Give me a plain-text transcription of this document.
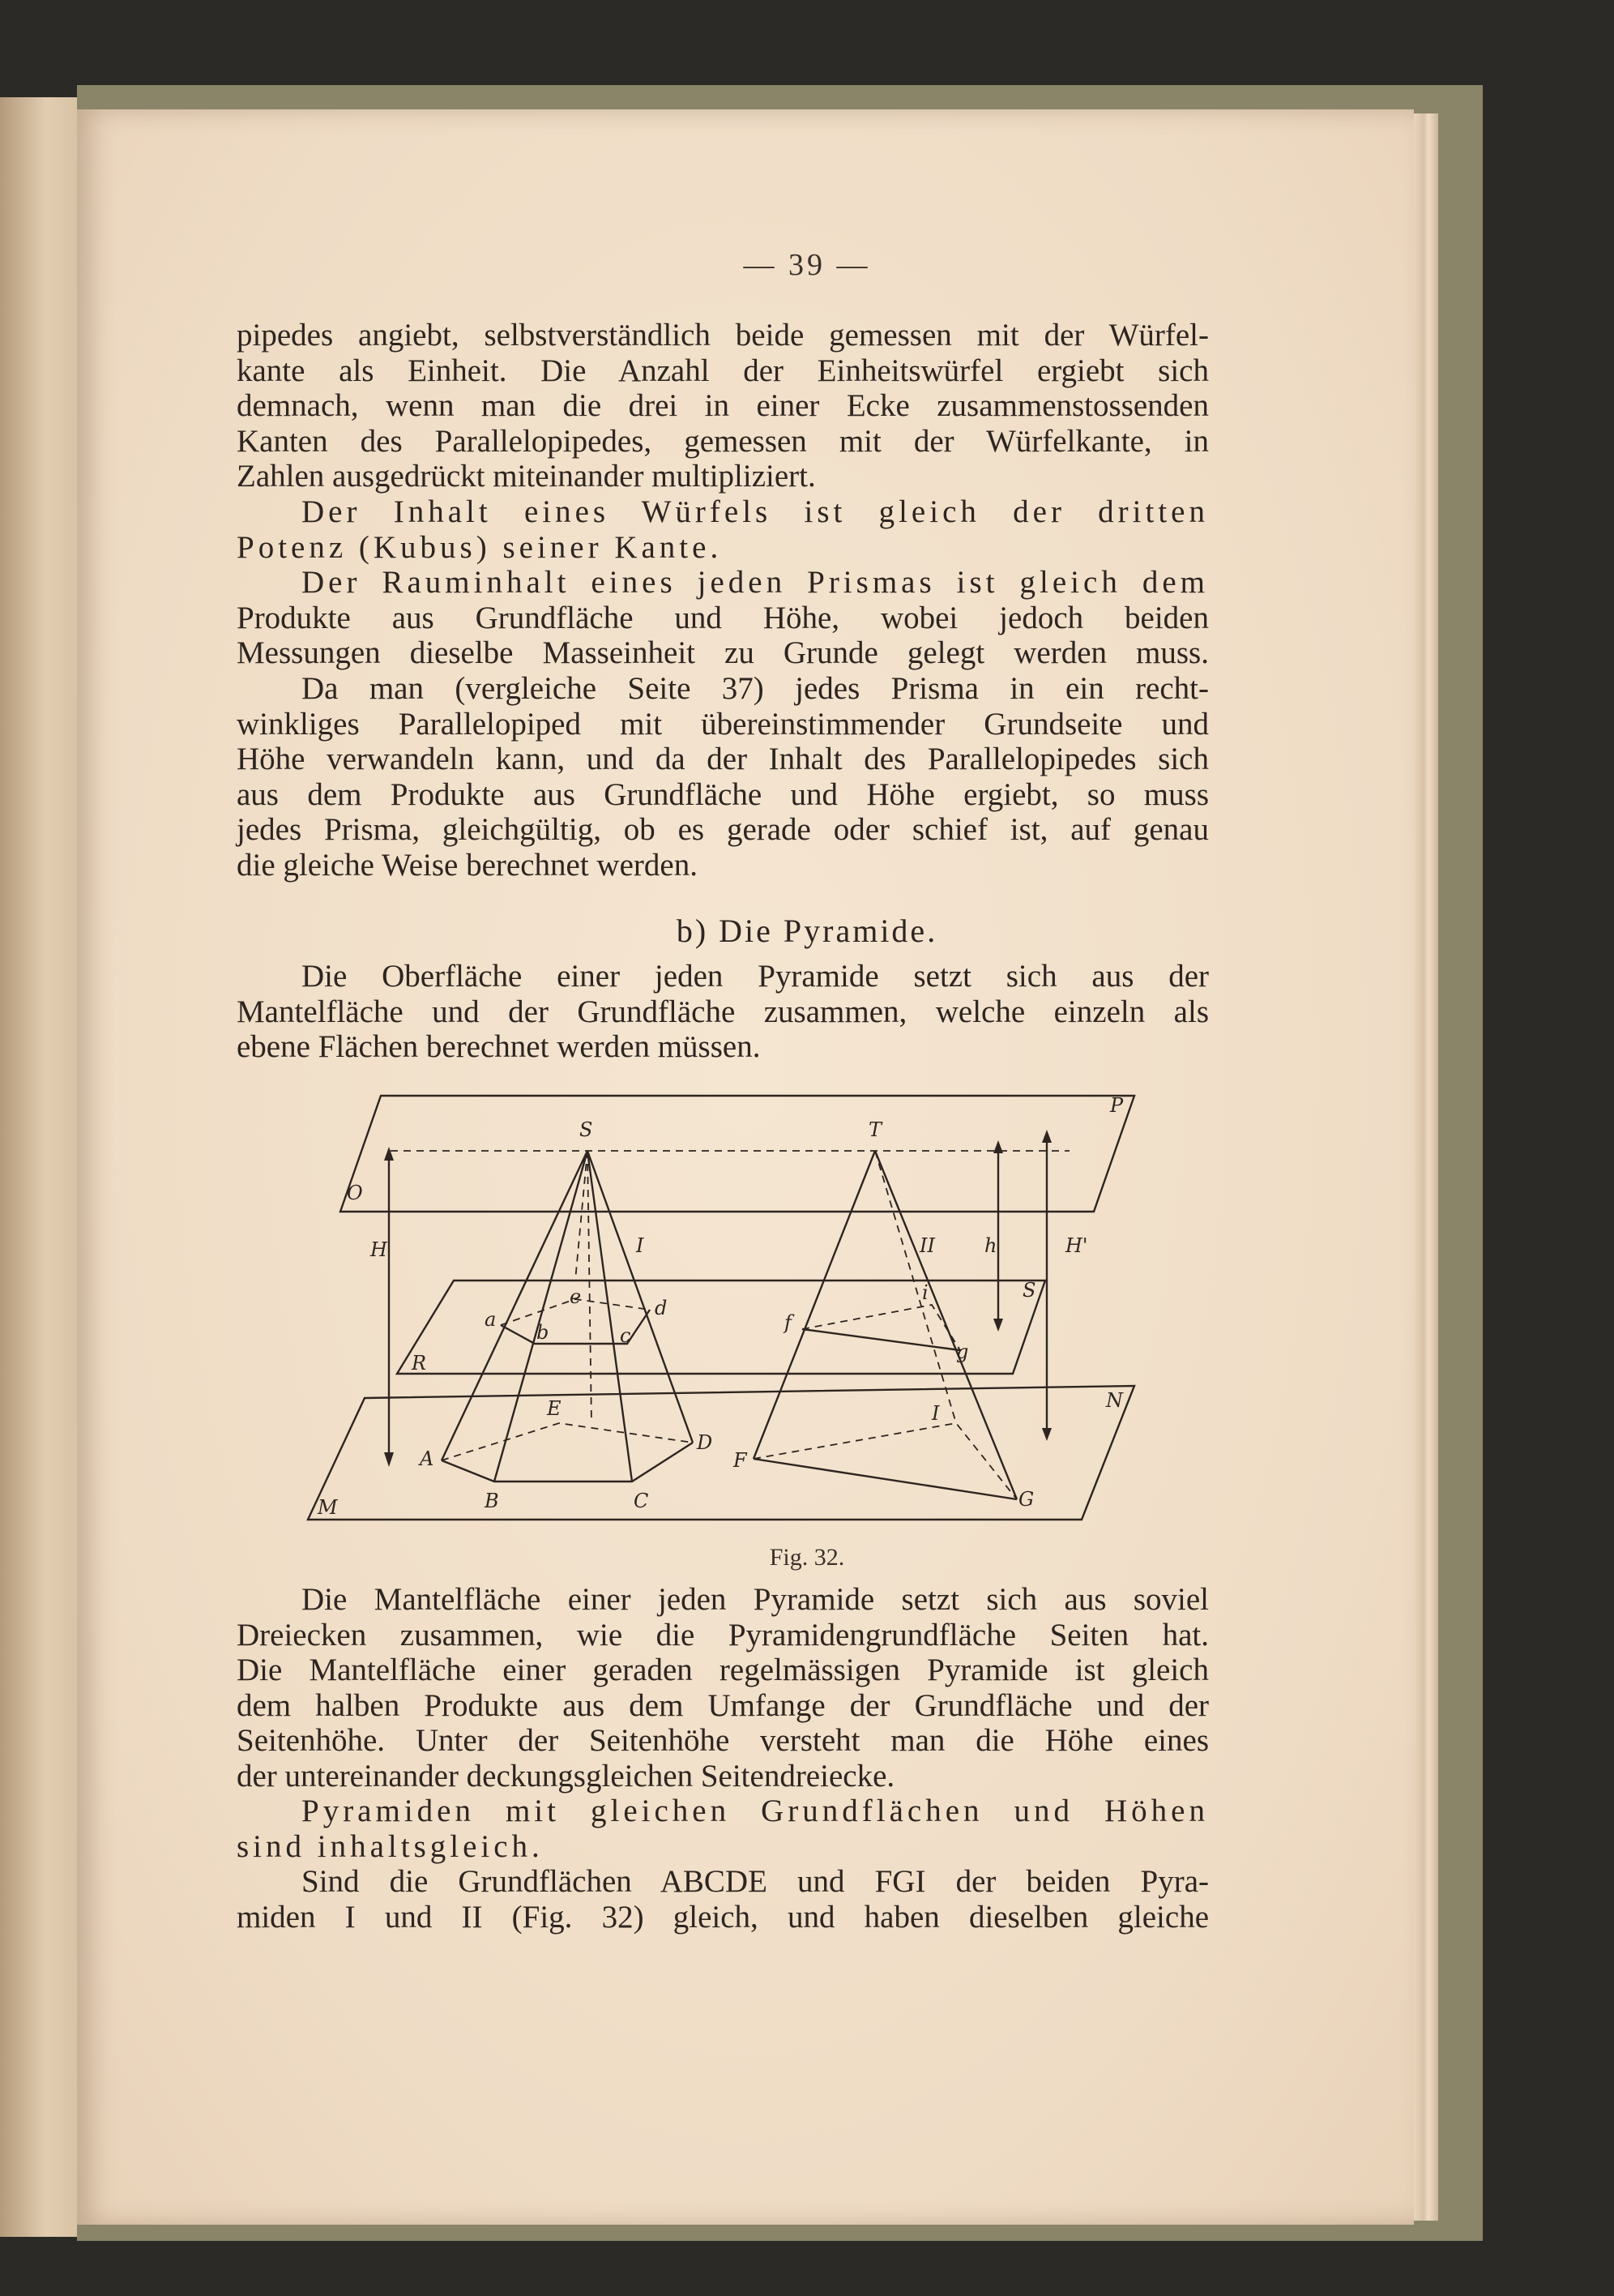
— 39 —
pipedes angiebt, selbstverständlich beide gemessen mit der Würfel-
kante als Einheit. Die Anzahl der Einheitswürfel ergiebt sich
demnach, wenn man die drei in einer Ecke zusammenstossenden
Kanten des Parallelopipedes, gemessen mit der Würfelkante, in
Zahlen ausgedrückt miteinander multipliziert.
Der Inhalt eines Würfels ist gleich der dritten
Potenz (Kubus) seiner Kante.
Der Rauminhalt eines jeden Prismas ist gleich dem
Produkte aus Grundfläche und Höhe, wobei jedoch beiden
Messungen dieselbe Masseinheit zu Grunde gelegt werden muss.
Da man (vergleiche Seite 37) jedes Prisma in ein recht-
winkliges Parallelopiped mit übereinstimmender Grundseite und
Höhe verwandeln kann, und da der Inhalt des Parallelopipedes sich
aus dem Produkte aus Grundfläche und Höhe ergiebt, so muss
jedes Prisma, gleichgültig, ob es gerade oder schief ist, auf genau
die gleiche Weise berechnet werden.
b) Die Pyramide.
Die Oberfläche einer jeden Pyramide setzt sich aus der
Mantelfläche und der Grundfläche zusammen, welche einzeln als
ebene Flächen berechnet werden müssen.
P
O
S	T
H	I	II	h	H'
a
b	c
d
e
f
g
i
R
S
N
E
A
B	C
D
F
G
I
M
Fig. 32.
Die Mantelfläche einer jeden Pyramide setzt sich aus soviel
Dreiecken zusammen, wie die Pyramidengrundfläche Seiten hat.
Die Mantelfläche einer geraden regelmässigen Pyramide ist gleich
dem halben Produkte aus dem Umfange der Grundfläche und der
Seitenhöhe. Unter der Seitenhöhe versteht man die Höhe eines
der untereinander deckungsgleichen Seitendreiecke.
Pyramiden mit gleichen Grundflächen und Höhen
sind inhaltsgleich.
Sind die Grundflächen ABCDE und FGI der beiden Pyra-
miden I und II (Fig. 32) gleich, und haben dieselben gleiche
